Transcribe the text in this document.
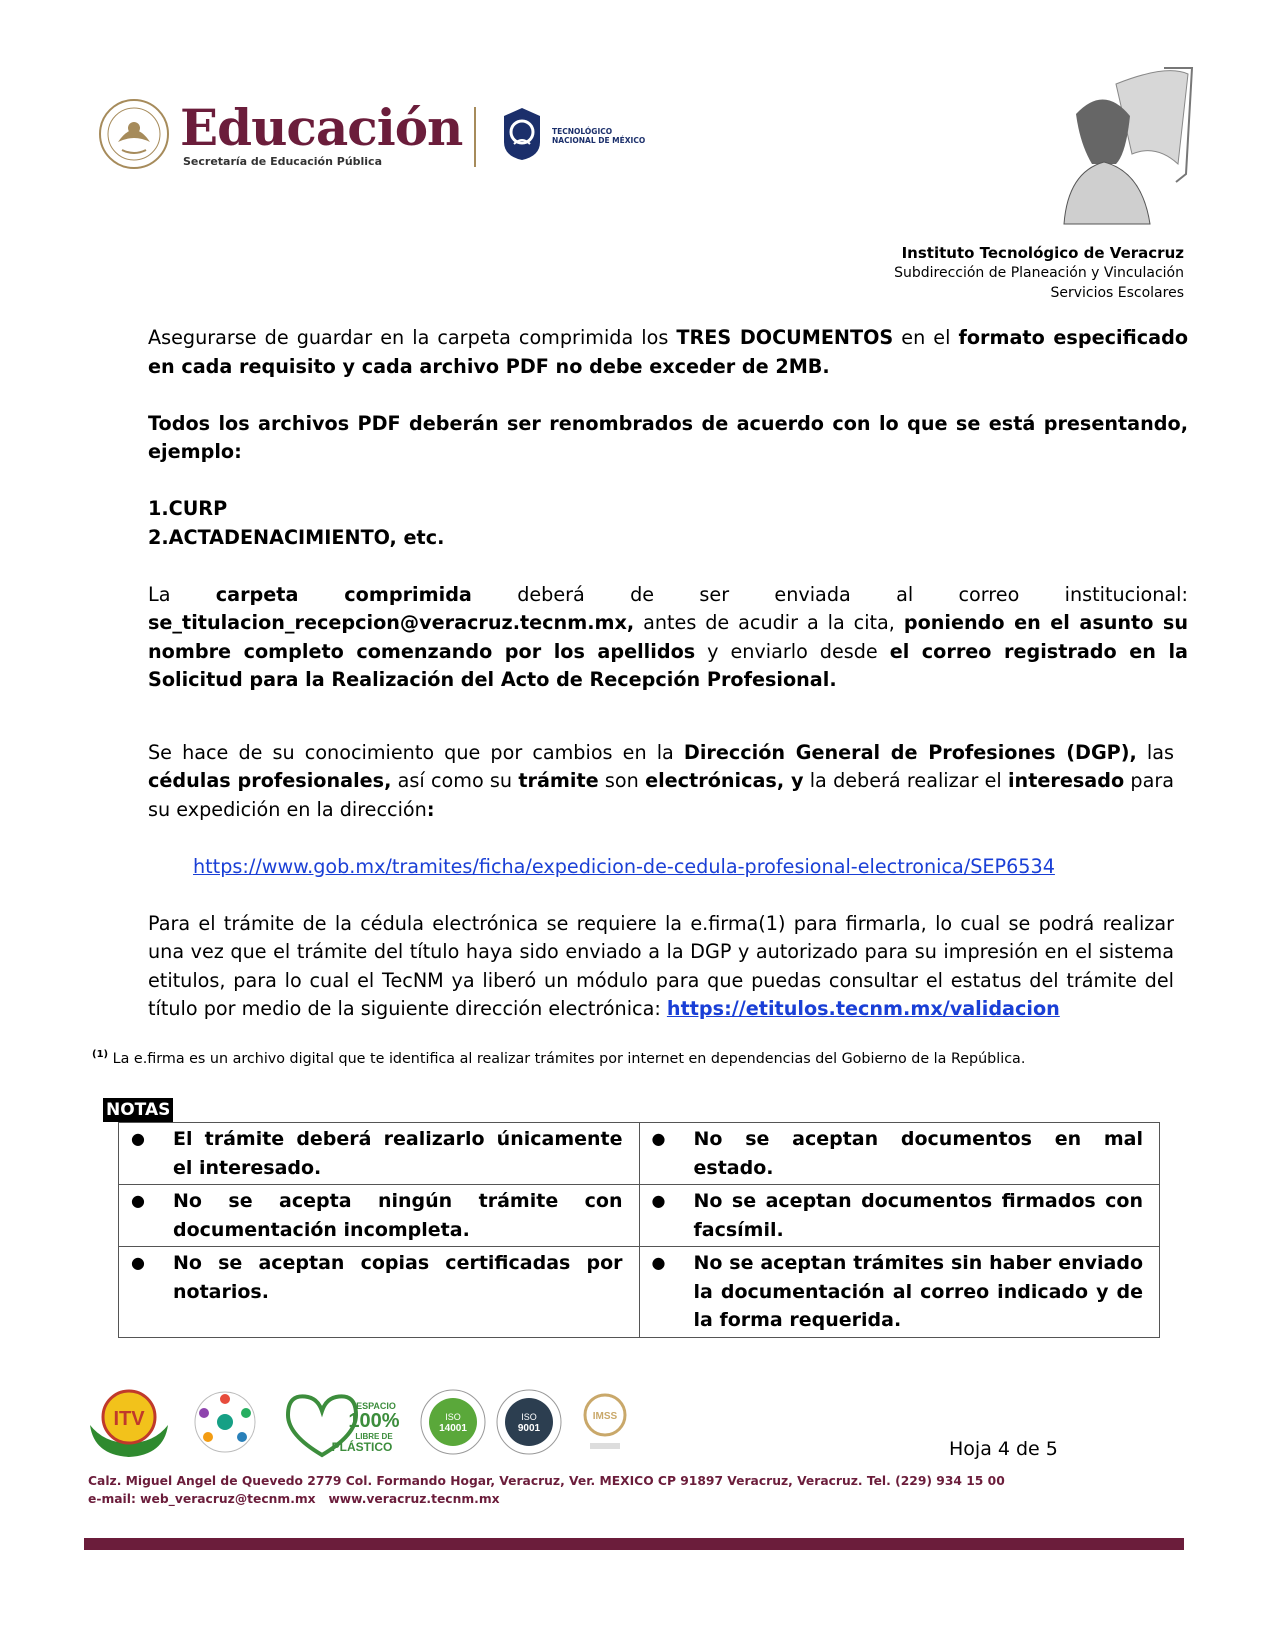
Educación
Secretaría de Educación Pública
TECNOLÓGICO
NACIONAL DE MÉXICO
Instituto Tecnológico de Veracruz
Subdirección de Planeación y Vinculación
Servicios Escolares

Asegurarse de guardar en la carpeta comprimida los TRES DOCUMENTOS en el formato especificado en cada requisito y cada archivo PDF no debe exceder de 2MB.

Todos los archivos PDF deberán ser renombrados de acuerdo con lo que se está presentando, ejemplo:

1.CURP

2.ACTADENACIMIENTO, etc.

La carpeta comprimida deberá de ser enviada al correo institucional: se_titulacion_recepcion@veracruz.tecnm.mx, antes de acudir a la cita, poniendo en el asunto su nombre completo comenzando por los apellidos y enviarlo desde el correo registrado en la Solicitud para la Realización del Acto de Recepción Profesional.

Se hace de su conocimiento que por cambios en la Dirección General de Profesiones (DGP), las cédulas profesionales, así como su trámite son electrónicas, y la deberá realizar el interesado para su expedición en la dirección:

https://www.gob.mx/tramites/ficha/expedicion-de-cedula-profesional-electronica/SEP6534

Para el trámite de la cédula electrónica se requiere la e.firma(1) para firmarla, lo cual se podrá realizar una vez que el trámite del título haya sido enviado a la DGP y autorizado para su impresión en el sistema etitulos, para lo cual el TecNM ya liberó un módulo para que puedas consultar el estatus del trámite del título por medio de la siguiente dirección electrónica: https://etitulos.tecnm.mx/validacion

$^{(1)}$ La e.firma es un archivo digital que te identifica al realizar trámites por internet en dependencias del Gobierno de la República.
NOTAS
● El trámite deberá realizarlo únicamente el interesado.	● No se aceptan documentos en mal estado.

● No se acepta ningún trámite con documentación incompleta.	● No se aceptan documentos firmados con facsímil.

● No se aceptan copias certificadas por notarios.	● No se aceptan trámites sin haber enviado la documentación al correo indicado y de la forma requerida.
ITV
ESPACIO
100%
LIBRE DE
PLÁSTICO
ISO
14001
ISO
9001
IMSS
Hoja 4 de 5
Calz. Miguel Angel de Quevedo 2779 Col. Formando Hogar, Veracruz, Ver. MEXICO CP 91897 Veracruz, Veracruz. Tel. (229) 934 15 00
e-mail: web_veracruz@tecnm.mx   www.veracruz.tecnm.mx
